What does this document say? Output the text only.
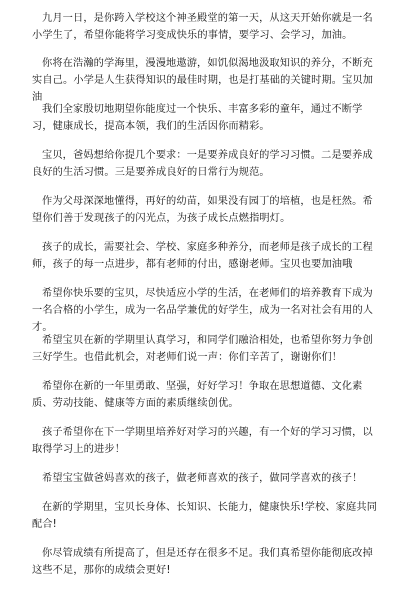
九月一日，是你跨入学校这个神圣殿堂的第一天，从这天开始你就是一名小学生了，希望你能将学习变成快乐的事情，要学习、会学习，加油。

你将在浩瀚的学海里，漫漫地遨游，如饥似渴地汲取知识的养分，不断充实自己。小学是人生获得知识的最佳时期，也是打基础的关键时期。宝贝加油

我们全家殷切地期望你能度过一个快乐、丰富多彩的童年，通过不断学习，健康成长，提高本领，我们的生活因你而精彩。

宝贝，爸妈想给你提几个要求：一是要养成良好的学习习惯。二是要养成良好的生活习惯。三是要养成良好的日常行为规范。

作为父母深深地懂得，再好的幼苗，如果没有园丁的培植，也是枉然。希望你们善于发现孩子的闪光点，为孩子成长点燃指明灯。

孩子的成长，需要社会、学校、家庭多种养分，而老师是孩子成长的工程师，孩子的每一点进步，都有老师的付出，感谢老师。宝贝也要加油哦

希望你快乐要的宝贝，尽快适应小学的生活，在老师们的培养教育下成为一名合格的小学生，成为一名品学兼优的好学生，成为一名对社会有用的人才。

希望宝贝在新的学期里认真学习，和同学们融洽相处，也希望你努力争创三好学生。也借此机会，对老师们说一声：你们辛苦了，谢谢你们！

希望你在新的一年里勇敢、坚强，好好学习！争取在思想道德、文化素质、劳动技能、健康等方面的素质继续创优。

孩子希望你在下一学期里培养好对学习的兴趣，有一个好的学习习惯，以取得学习上的进步！

希望宝宝做爸妈喜欢的孩子，做老师喜欢的孩子，做同学喜欢的孩子！

在新的学期里，宝贝长身体、长知识、长能力，健康快乐!学校、家庭共同配合!

你尽管成绩有所提高了，但是还存在很多不足。我们真希望你能彻底改掉这些不足，那你的成绩会更好!
